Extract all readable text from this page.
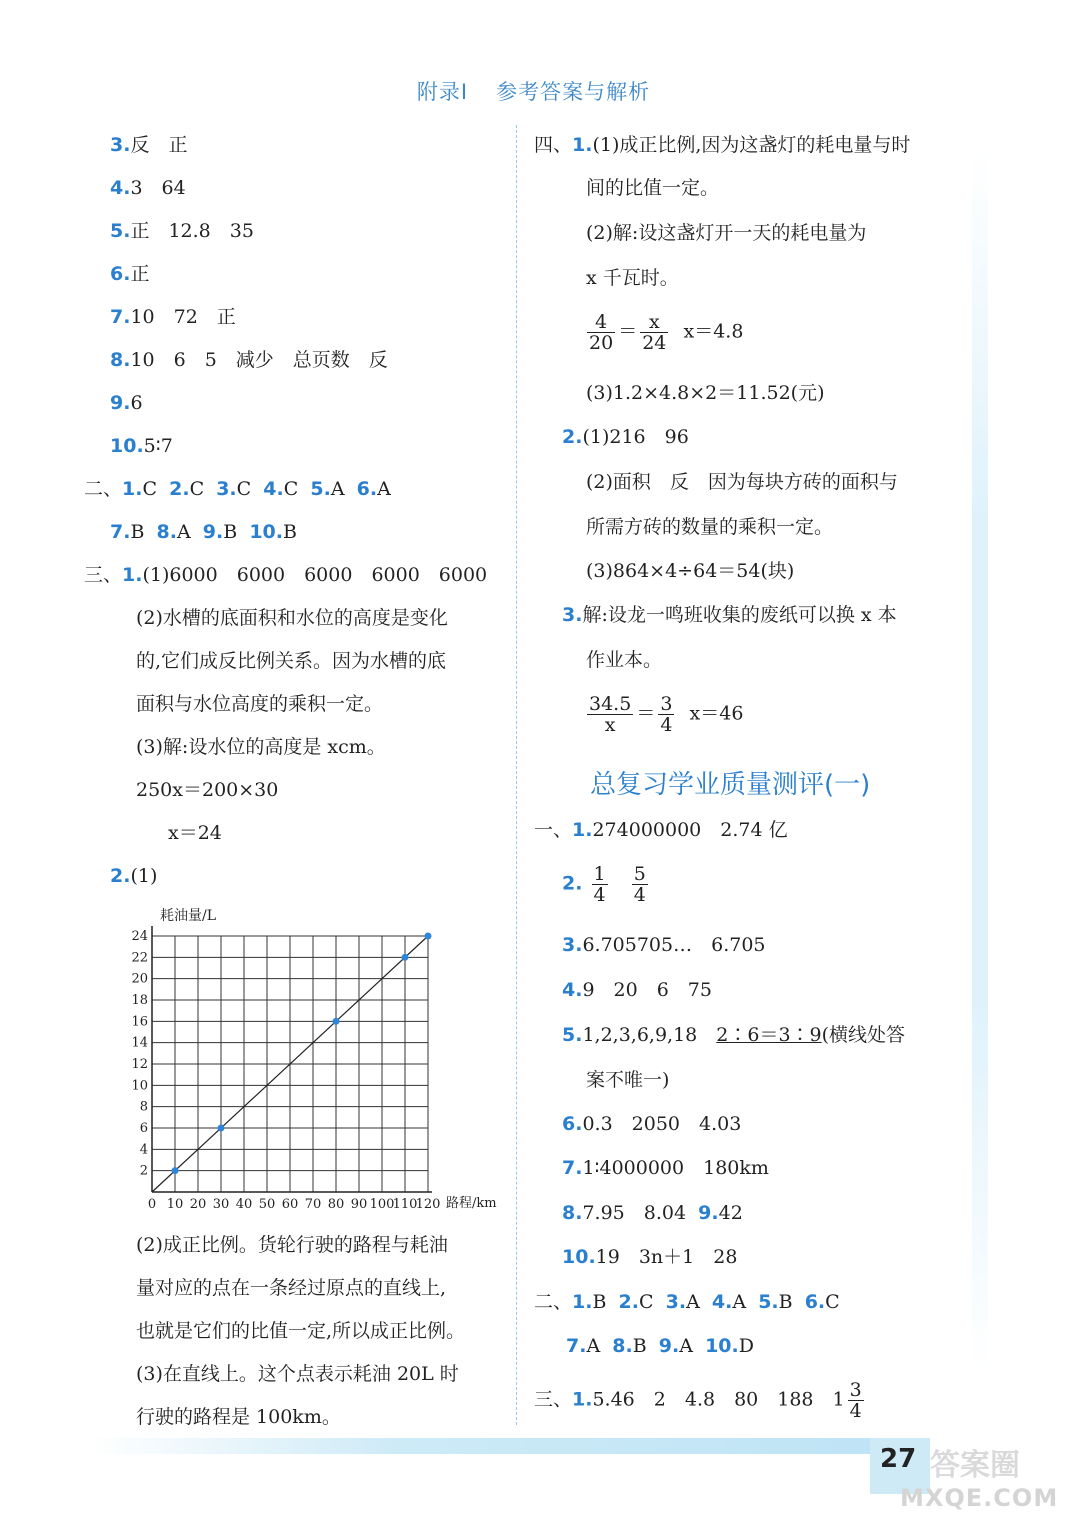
附录Ⅰ 参考答案与解析
3.反　正
4.3　64
5.正　12.8　35
6.正
7.10　72　正
8.10　6　5　减少　总页数　反
9.6
10.5∶7
二、1.C 2.C 3.C 4.C 5.A 6.A
7.B 8.A 9.B 10.B
三、1.(1)6000　6000　6000　6000　6000
(2)水槽的底面积和水位的高度是变化
的,它们成反比例关系。因为水槽的底
面积与水位高度的乘积一定。
(3)解:设水位的高度是 xcm。
250x＝200×30
x＝24
2.(1)
0 10 20 30 40 50 60 70 80 90 100
110
120
2
4
6
8
10
12
14
16
18
20
22
24
耗油量/L
路程/km
(2)成正比例。货轮行驶的路程与耗油
量对应的点在一条经过原点的直线上,
也就是它们的比值一定,所以成正比例。
(3)在直线上。这个点表示耗油 20L 时
行驶的路程是 100km。
四、1.(1)成正比例,因为这盏灯的耗电量与时
间的比值一定。
(2)解:设这盏灯开一天的耗电量为
x 千瓦时。
$\frac{4}{20} = \frac{x}{24} x=4.8$
(3)1.2×4.8×2＝11.52(元)
2.(1)216　96
(2)面积　反　因为每块方砖的面积与
所需方砖的数量的乘积一定。
(3)864×4÷64＝54(块)
3.解:设龙一鸣班收集的废纸可以换 x 本
作业本。
$\frac{34.5}{x} = \frac{3}{4} x=46$
总复习学业质量测评(一)
一、1.274000000　2.74 亿
2. $\frac{1}{4}$
$\frac{5}{4}$
3.6.705705…　6.705
4.9　20　6　75
5.1,2,3,6,9,18　2∶6＝3∶9(横线处答
案不唯一)
6.0.3　2050　4.03
7.1∶4000000　180km
8.7.95　8.04 9.42
10.19　3n＋1　28
二、1.B 2.C 3.A 4.A 5.B 6.C
7.A 8.B 9.A 10.D
三、1.5.46　2　4.8　80　188　$1 \frac{3}{4}$
27 答案圈
MXQE.COM
